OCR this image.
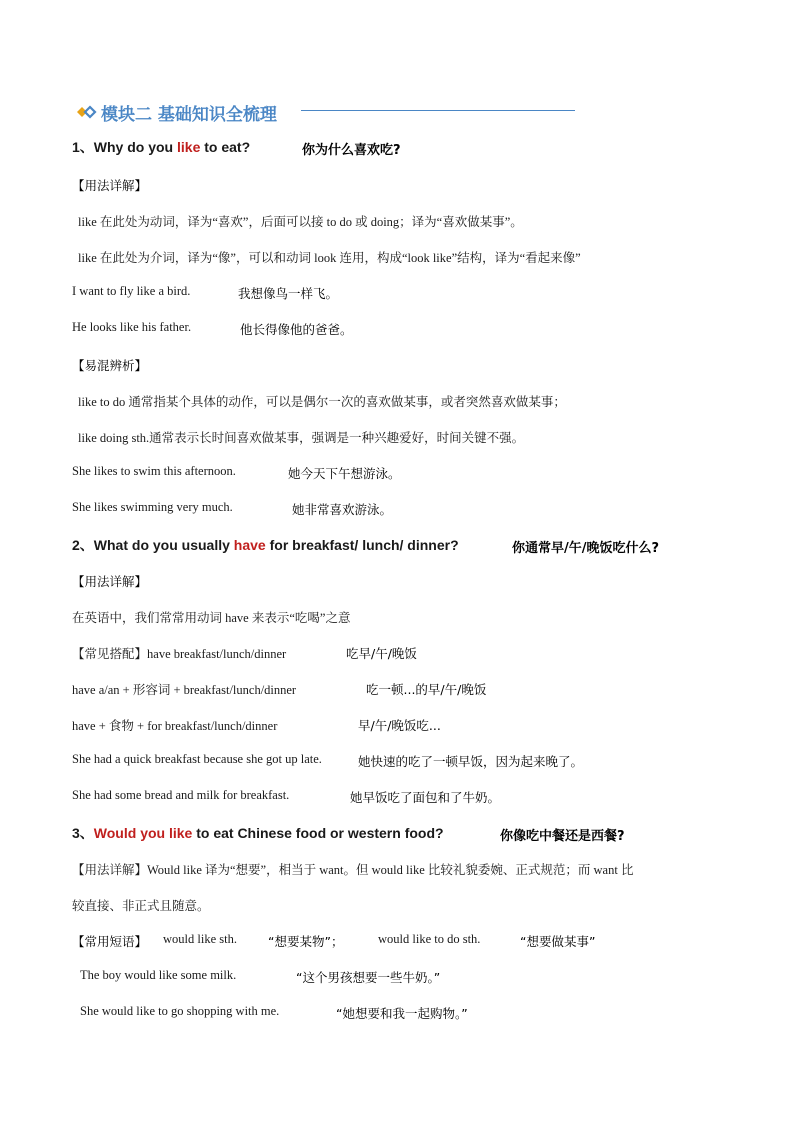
模块二 基础知识全梳理
1、Why do you like to eat?	你为什么喜欢吃?
【用法详解】
like 在此处为动词，译为“喜欢”，后面可以接 to do 或 doing；译为“喜欢做某事”。
like 在此处为介词，译为“像”，可以和动词 look 连用，构成“look like”结构，译为“看起来像”
I want to fly like a bird.	我想像鸟一样飞。
He looks like his father.	他长得像他的爸爸。
【易混辨析】
like to do 通常指某个具体的动作，可以是偶尔一次的喜欢做某事，或者突然喜欢做某事；
like doing sth.通常表示长时间喜欢做某事，强调是一种兴趣爱好，时间关键不强。
She likes to swim this afternoon.	她今天下午想游泳。
She likes swimming very much.	她非常喜欢游泳。
2、What do you usually have for breakfast/ lunch/ dinner?	你通常早/午/晚饭吃什么?
【用法详解】
在英语中，我们常常用动词 have 来表示“吃喝”之意
【常见搭配】have breakfast/lunch/dinner	吃早/午/晚饭
have a/an + 形容词 + breakfast/lunch/dinner	吃一顿...的早/午/晚饭
have + 食物 + for breakfast/lunch/dinner	早/午/晚饭吃...
She had a quick breakfast because she got up late.	她快速的吃了一顿早饭，因为起来晚了。
She had some bread and milk for breakfast.	她早饭吃了面包和了牛奶。
3、Would you like to eat Chinese food or western food?	你像吃中餐还是西餐?
【用法详解】Would like 译为“想要”，相当于 want。但 would like 比较礼貌委婉、正式规范；而 want 比
较直接、非正式且随意。
【常用短语】 would like sth. “想要某物”；	would like to do sth.	“想要做某事”
The boy would like some milk.	“这个男孩想要一些牛奶。”
She would like to go shopping with me.	“她想要和我一起购物。”
